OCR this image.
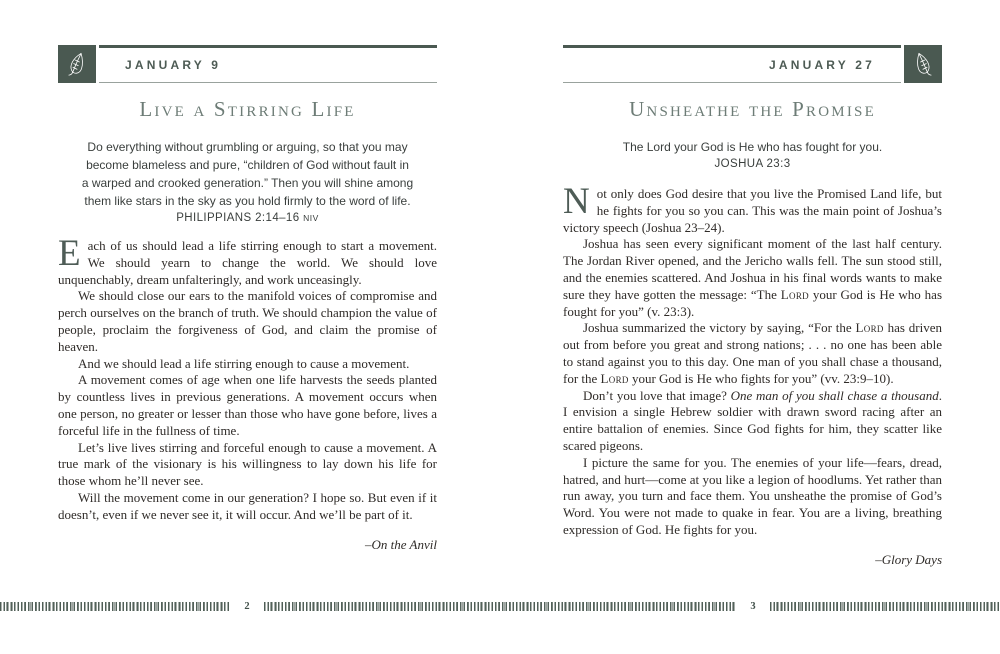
JANUARY 9
Live a Stirring Life
Do everything without grumbling or arguing, so that you may become blameless and pure, “children of God without fault in a warped and crooked generation.” Then you will shine among them like stars in the sky as you hold firmly to the word of life.
PHILIPPIANS 2:14–16 NIV

Each of us should lead a life stirring enough to start a movement. We should yearn to change the world. We should love unquenchably, dream unfalteringly, and work unceasingly.

We should close our ears to the manifold voices of compromise and perch ourselves on the branch of truth. We should champion the value of people, proclaim the forgiveness of God, and claim the promise of heaven.

And we should lead a life stirring enough to cause a movement.

A movement comes of age when one life harvests the seeds planted by countless lives in previous generations. A movement occurs when one person, no greater or lesser than those who have gone before, lives a forceful life in the fullness of time.

Let’s live lives stirring and forceful enough to cause a movement. A true mark of the visionary is his willingness to lay down his life for those whom he’ll never see.

Will the movement come in our generation? I hope so. But even if it doesn’t, even if we never see it, it will occur. And we’ll be part of it.

–On the Anvil
JANUARY 27
Unsheathe the Promise
The Lord your God is He who has fought for you.
JOSHUA 23:3

Not only does God desire that you live the Promised Land life, but he fights for you so you can. This was the main point of Joshua’s victory speech (Joshua 23–24).

Joshua has seen every significant moment of the last half century. The Jordan River opened, and the Jericho walls fell. The sun stood still, and the enemies scattered. And Joshua in his final words wants to make sure they have gotten the message: “The Lord your God is He who has fought for you” (v. 23:3).

Joshua summarized the victory by saying, “For the Lord has driven out from before you great and strong nations; . . . no one has been able to stand against you to this day. One man of you shall chase a thousand, for the Lord your God is He who fights for you” (vv. 23:9–10).

Don’t you love that image? One man of you shall chase a thousand. I envision a single Hebrew soldier with drawn sword racing after an entire battalion of enemies. Since God fights for him, they scatter like scared pigeons.

I picture the same for you. The enemies of your life—fears, dread, hatred, and hurt—come at you like a legion of hoodlums. Yet rather than run away, you turn and face them. You unsheathe the promise of God’s Word. You were not made to quake in fear. You are a living, breathing expression of God. He fights for you.

–Glory Days
2	3
